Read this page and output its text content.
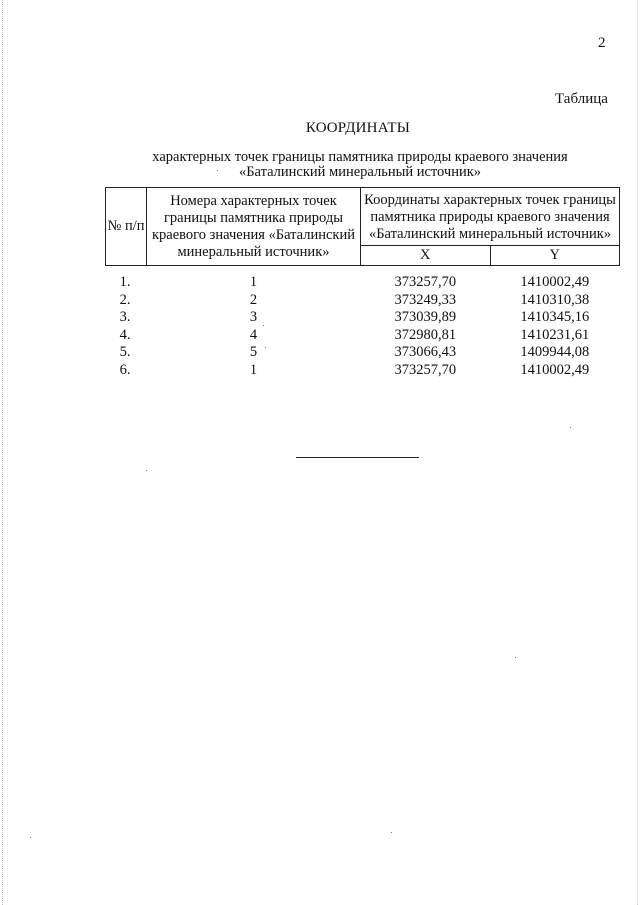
2
Таблица
КООРДИНАТЫ
характерных точек границы памятника природы краевого значения
«Баталинский минеральный источник»
№ п/п	Номера характерных точек границы памятника природы краевого значения «Баталинский минеральный источник»	Координаты характерных точек границы памятника природы краевого значения «Баталинский минеральный источник»	
		X	Y
1.	1	373257,70	1410002,49
2.	2	373249,33	1410310,38
3.	3	373039,89	1410345,16
4.	4	372980,81	1410231,61
5.	5	373066,43	1409944,08
6.	1	373257,70	1410002,49
